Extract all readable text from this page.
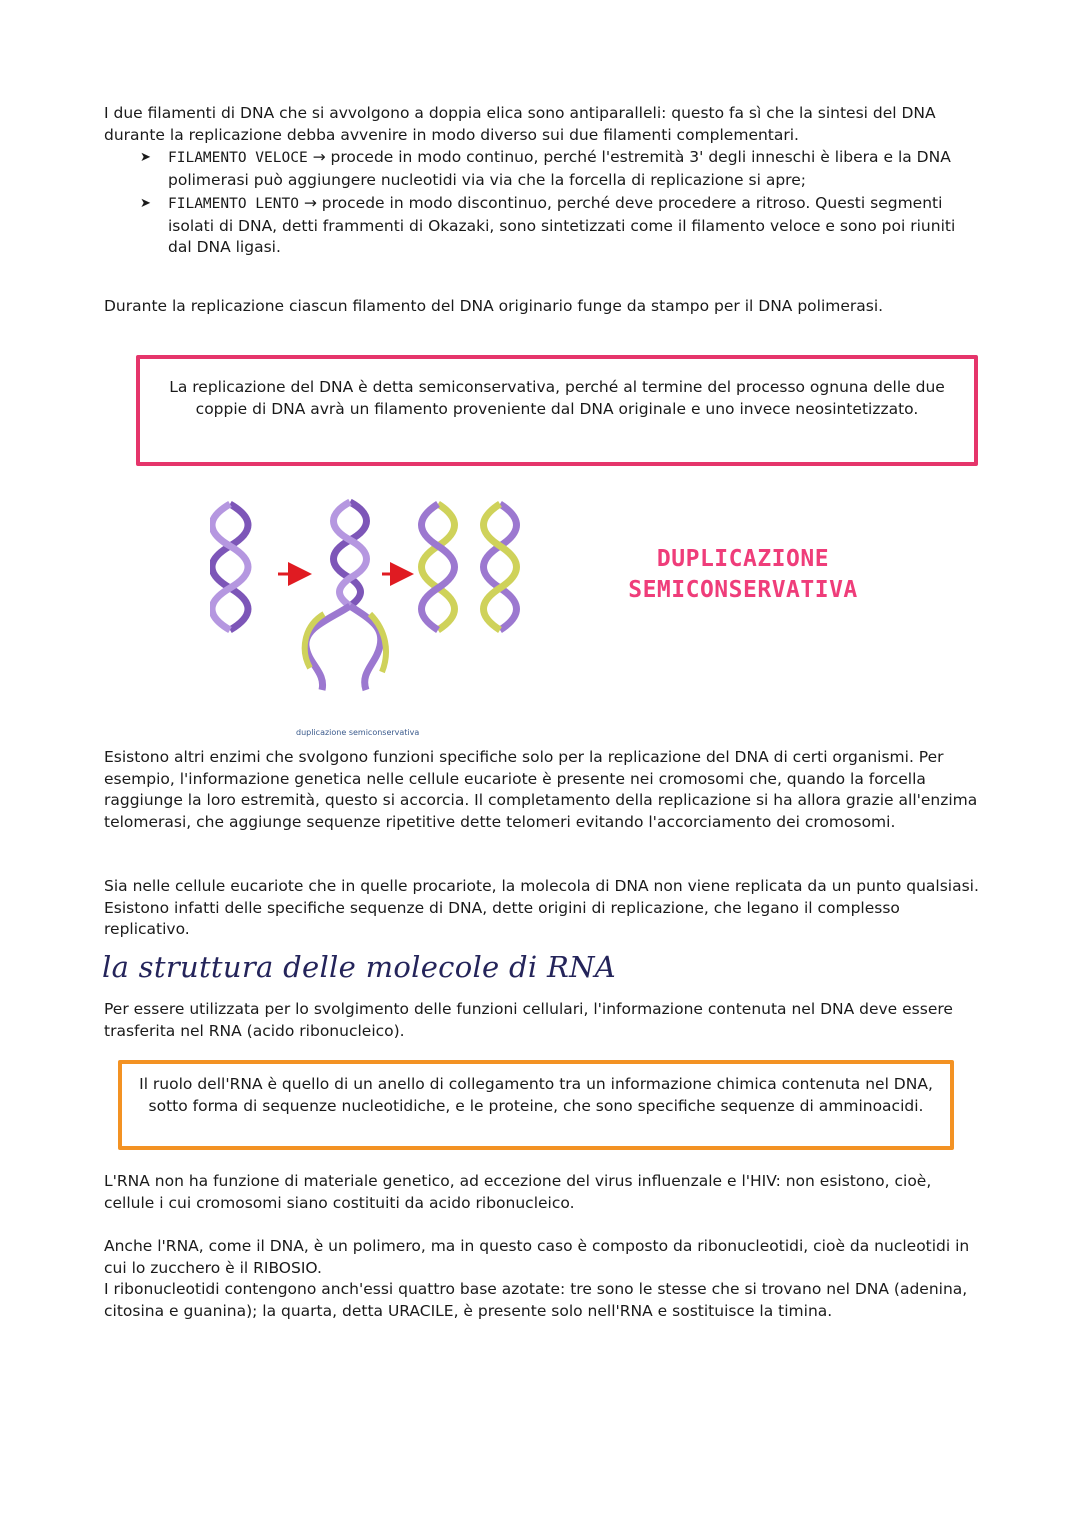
I due filamenti di DNA che si avvolgono a doppia elica sono antiparalleli: questo fa sì che la sintesi del DNA durante la replicazione debba avvenire in modo diverso sui due filamenti complementari.

➤ FILAMENTO VELOCE → procede in modo continuo, perché l'estremità 3' degli inneschi è libera e la DNA polimerasi può aggiungere nucleotidi via via che la forcella di replicazione si apre;
➤ FILAMENTO LENTO → procede in modo discontinuo, perché deve procedere a ritroso. Questi segmenti isolati di DNA, detti frammenti di Okazaki, sono sintetizzati come il filamento veloce e sono poi riuniti dal DNA ligasi.

Durante la replicazione ciascun filamento del DNA originario funge da stampo per il DNA polimerasi.

La replicazione del DNA è detta semiconservativa, perché al termine del processo ognuna delle due coppie di DNA avrà un filamento proveniente dal DNA originale e uno invece neosintetizzato.

DUPLICAZIONE
SEMICONSERVATIVA
duplicazione semiconservativa

Esistono altri enzimi che svolgono funzioni specifiche solo per la replicazione del DNA di certi organismi. Per esempio, l'informazione genetica nelle cellule eucariote è presente nei cromosomi che, quando la forcella raggiunge la loro estremità, questo si accorcia. Il completamento della replicazione si ha allora grazie all'enzima telomerasi, che aggiunge sequenze ripetitive dette telomeri evitando l'accorciamento dei cromosomi.

Sia nelle cellule eucariote che in quelle procariote, la molecola di DNA non viene replicata da un punto qualsiasi. Esistono infatti delle specifiche sequenze di DNA, dette origini di replicazione, che legano il complesso replicativo.

la struttura delle molecole di RNA

Per essere utilizzata per lo svolgimento delle funzioni cellulari, l'informazione contenuta nel DNA deve essere trasferita nel RNA (acido ribonucleico).

Il ruolo dell'RNA è quello di un anello di collegamento tra un informazione chimica contenuta nel DNA, sotto forma di sequenze nucleotidiche, e le proteine, che sono specifiche sequenze di amminoacidi.

L'RNA non ha funzione di materiale genetico, ad eccezione del virus influenzale e l'HIV: non esistono, cioè, cellule i cui cromosomi siano costituiti da acido ribonucleico.

Anche l'RNA, come il DNA, è un polimero, ma in questo caso è composto da ribonucleotidi, cioè da nucleotidi in cui lo zucchero è il RIBOSIO.

I ribonucleotidi contengono anch'essi quattro base azotate: tre sono le stesse che si trovano nel DNA (adenina, citosina e guanina); la quarta, detta URACILE, è presente solo nell'RNA e sostituisce la timina.
